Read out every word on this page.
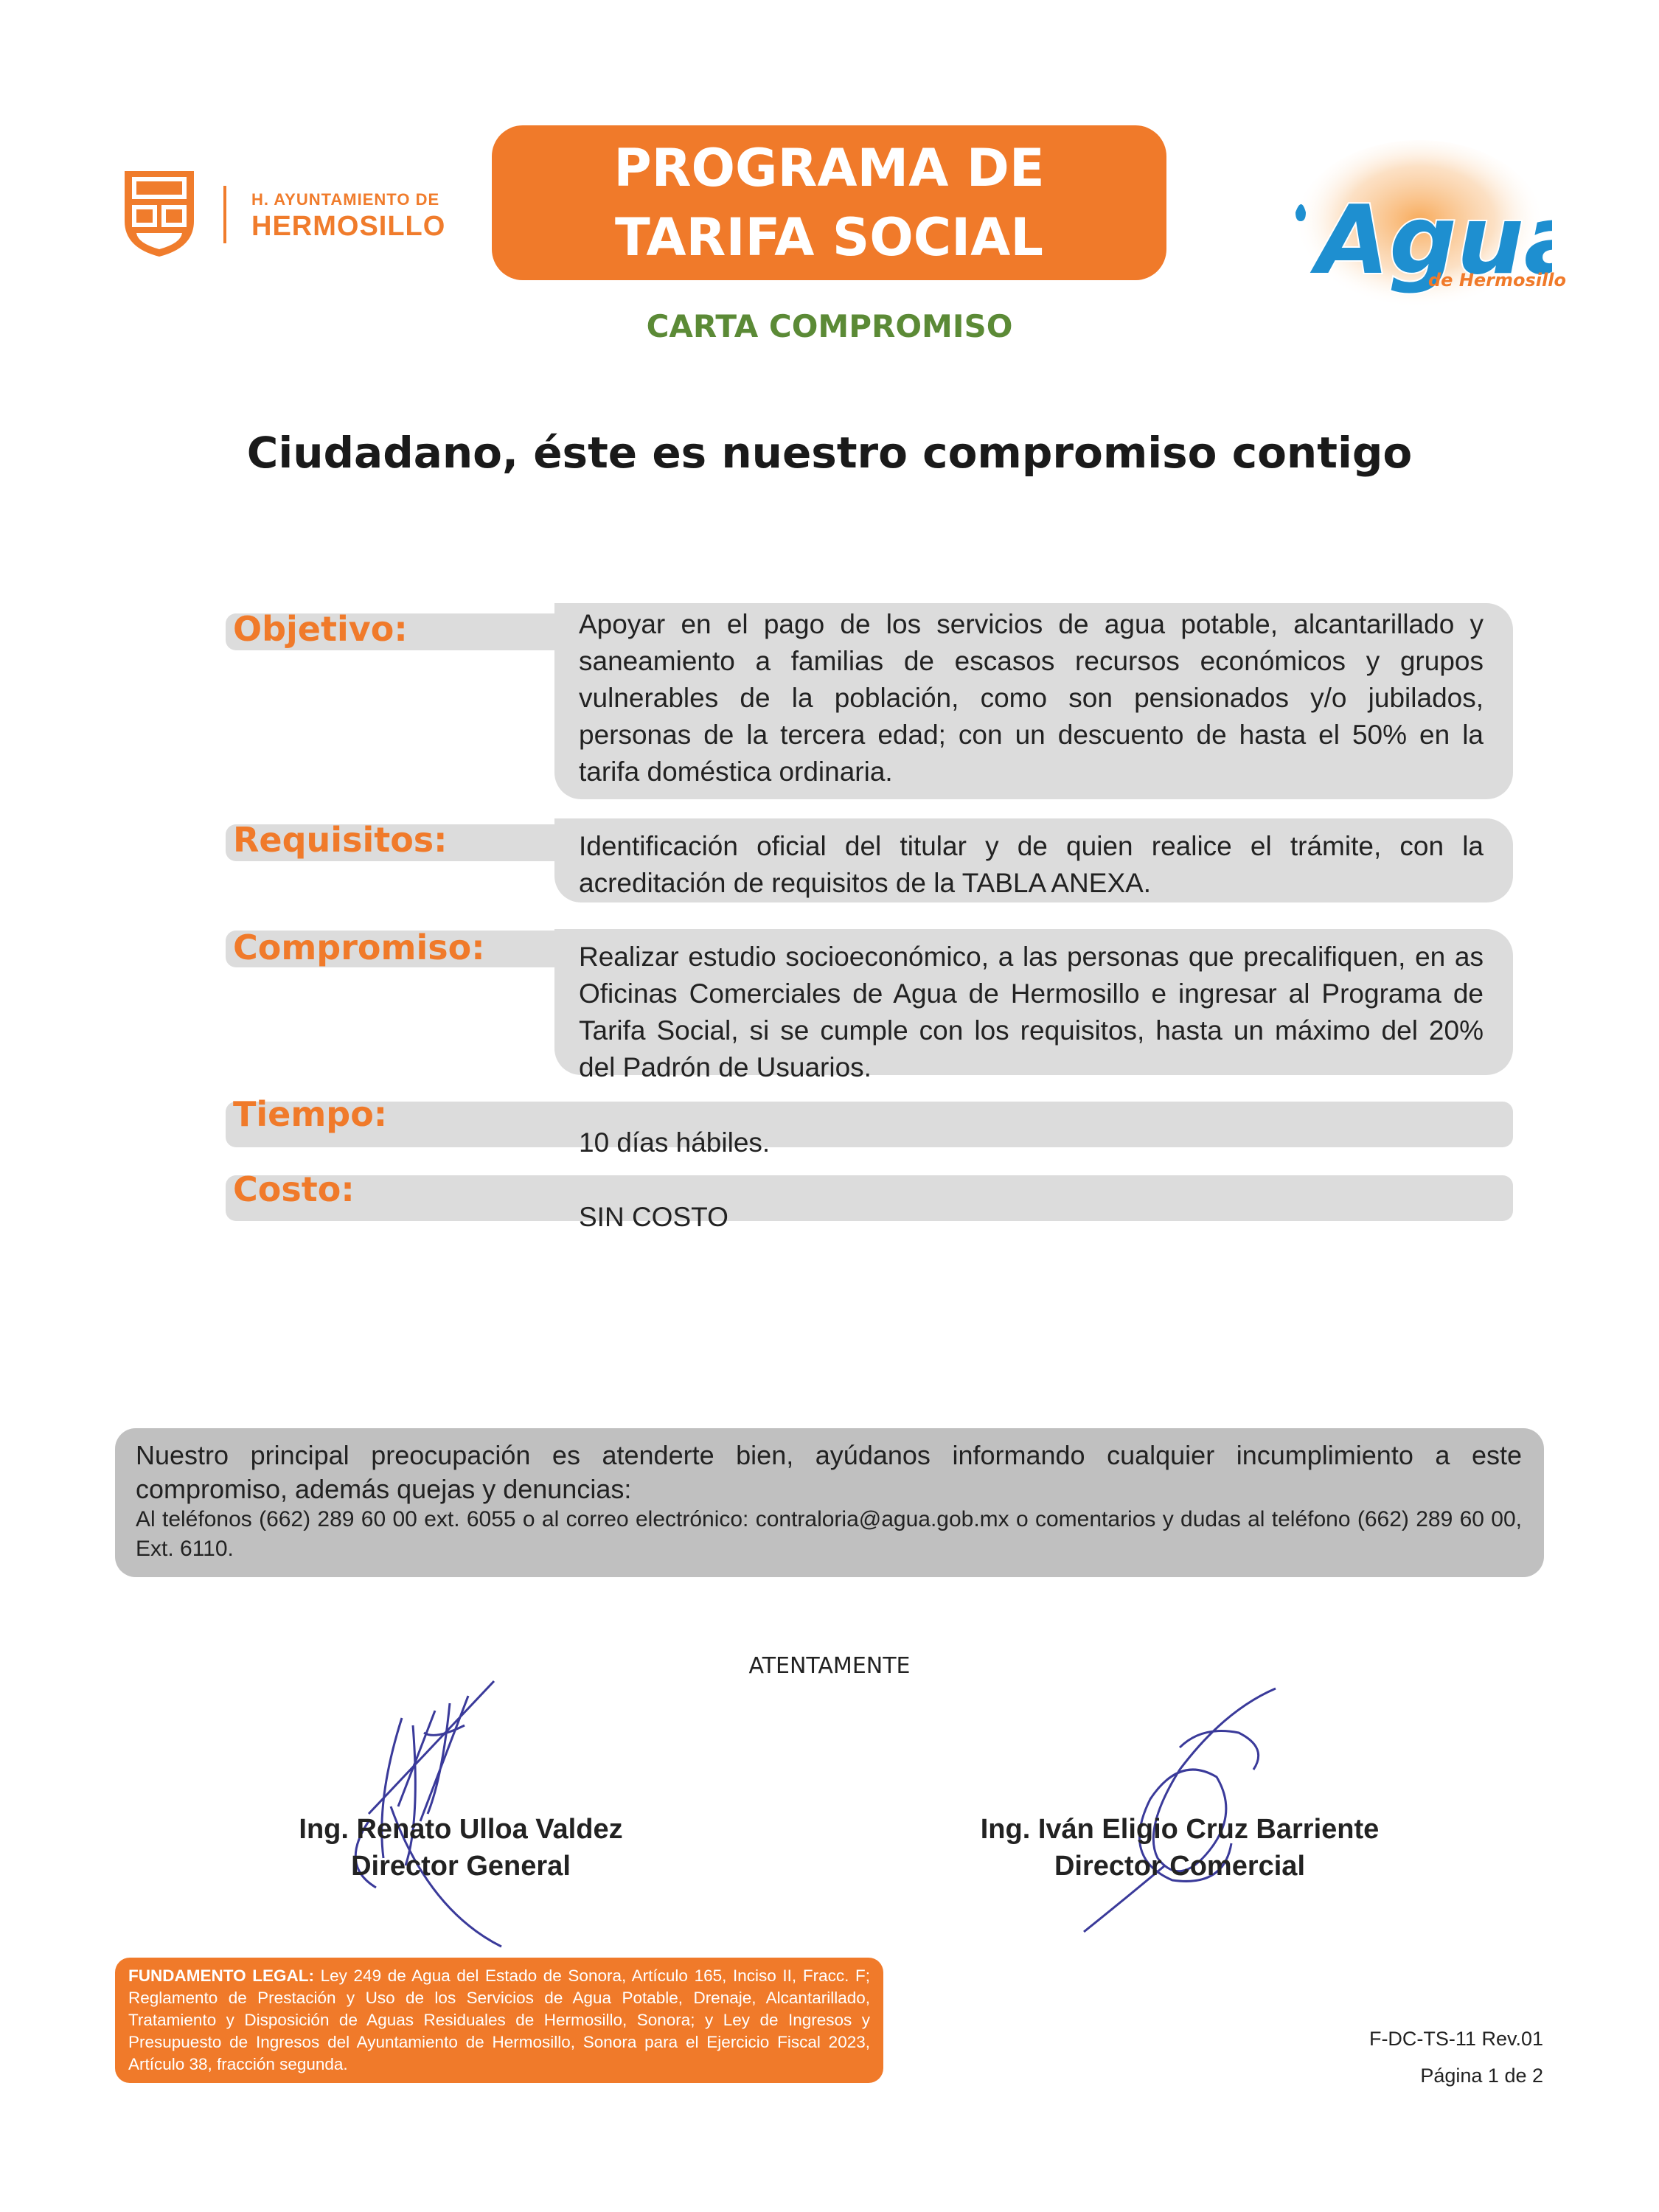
H. AYUNTAMIENTO DE
HERMOSILLO
PROGRAMA DE
TARIFA SOCIAL	Agu
de Hermosillo
CARTA COMPROMISO
Ciudadano, éste es nuestro compromiso contigo
Objetivo:	Apoyar en el pago de los servicios de agua potable, alcantarillado y saneamiento a familias de escasos recursos económicos y grupos vulnerables de la población, como son pensionados y/o jubilados, personas de la tercera edad; con un descuento de hasta el 50% en la tarifa doméstica ordinaria.
Requisitos:	Identificación oficial del titular y de quien realice el trámite, con la acreditación de requisitos de la TABLA ANEXA.
Compromiso:	Realizar estudio socioeconómico, a las personas que precalifiquen, en as Oficinas Comerciales de Agua de Hermosillo e ingresar al Programa de Tarifa Social, si se cumple con los requisitos, hasta un máximo del 20% del Padrón de Usuarios.
Tiempo:
10 días hábiles.
Costo:
SIN COSTO
Nuestro principal preocupación es atenderte bien, ayúdanos informando cualquier incumplimiento a este compromiso, además quejas y denuncias:
Al teléfonos (662) 289 60 00 ext. 6055 o al correo electrónico: contraloria@agua.gob.mx o comentarios y dudas al teléfono (662) 289 60 00, Ext. 6110.
ATENTAMENTE
Ing. Renato Ulloa Valdez
Director General
Ing. Iván Eligio Cruz Barriente
Director Comercial
FUNDAMENTO LEGAL: Ley 249 de Agua del Estado de Sonora, Artículo 165, Inciso II, Fracc. F; Reglamento de Prestación y Uso de los Servicios de Agua Potable, Drenaje, Alcantarillado, Tratamiento y Disposición de Aguas Residuales de Hermosillo, Sonora; y Ley de Ingresos y Presupuesto de Ingresos del Ayuntamiento de Hermosillo, Sonora para el Ejercicio Fiscal 2023, Artículo 38, fracción segunda.
F-DC-TS-11 Rev.01
Página 1 de 2
